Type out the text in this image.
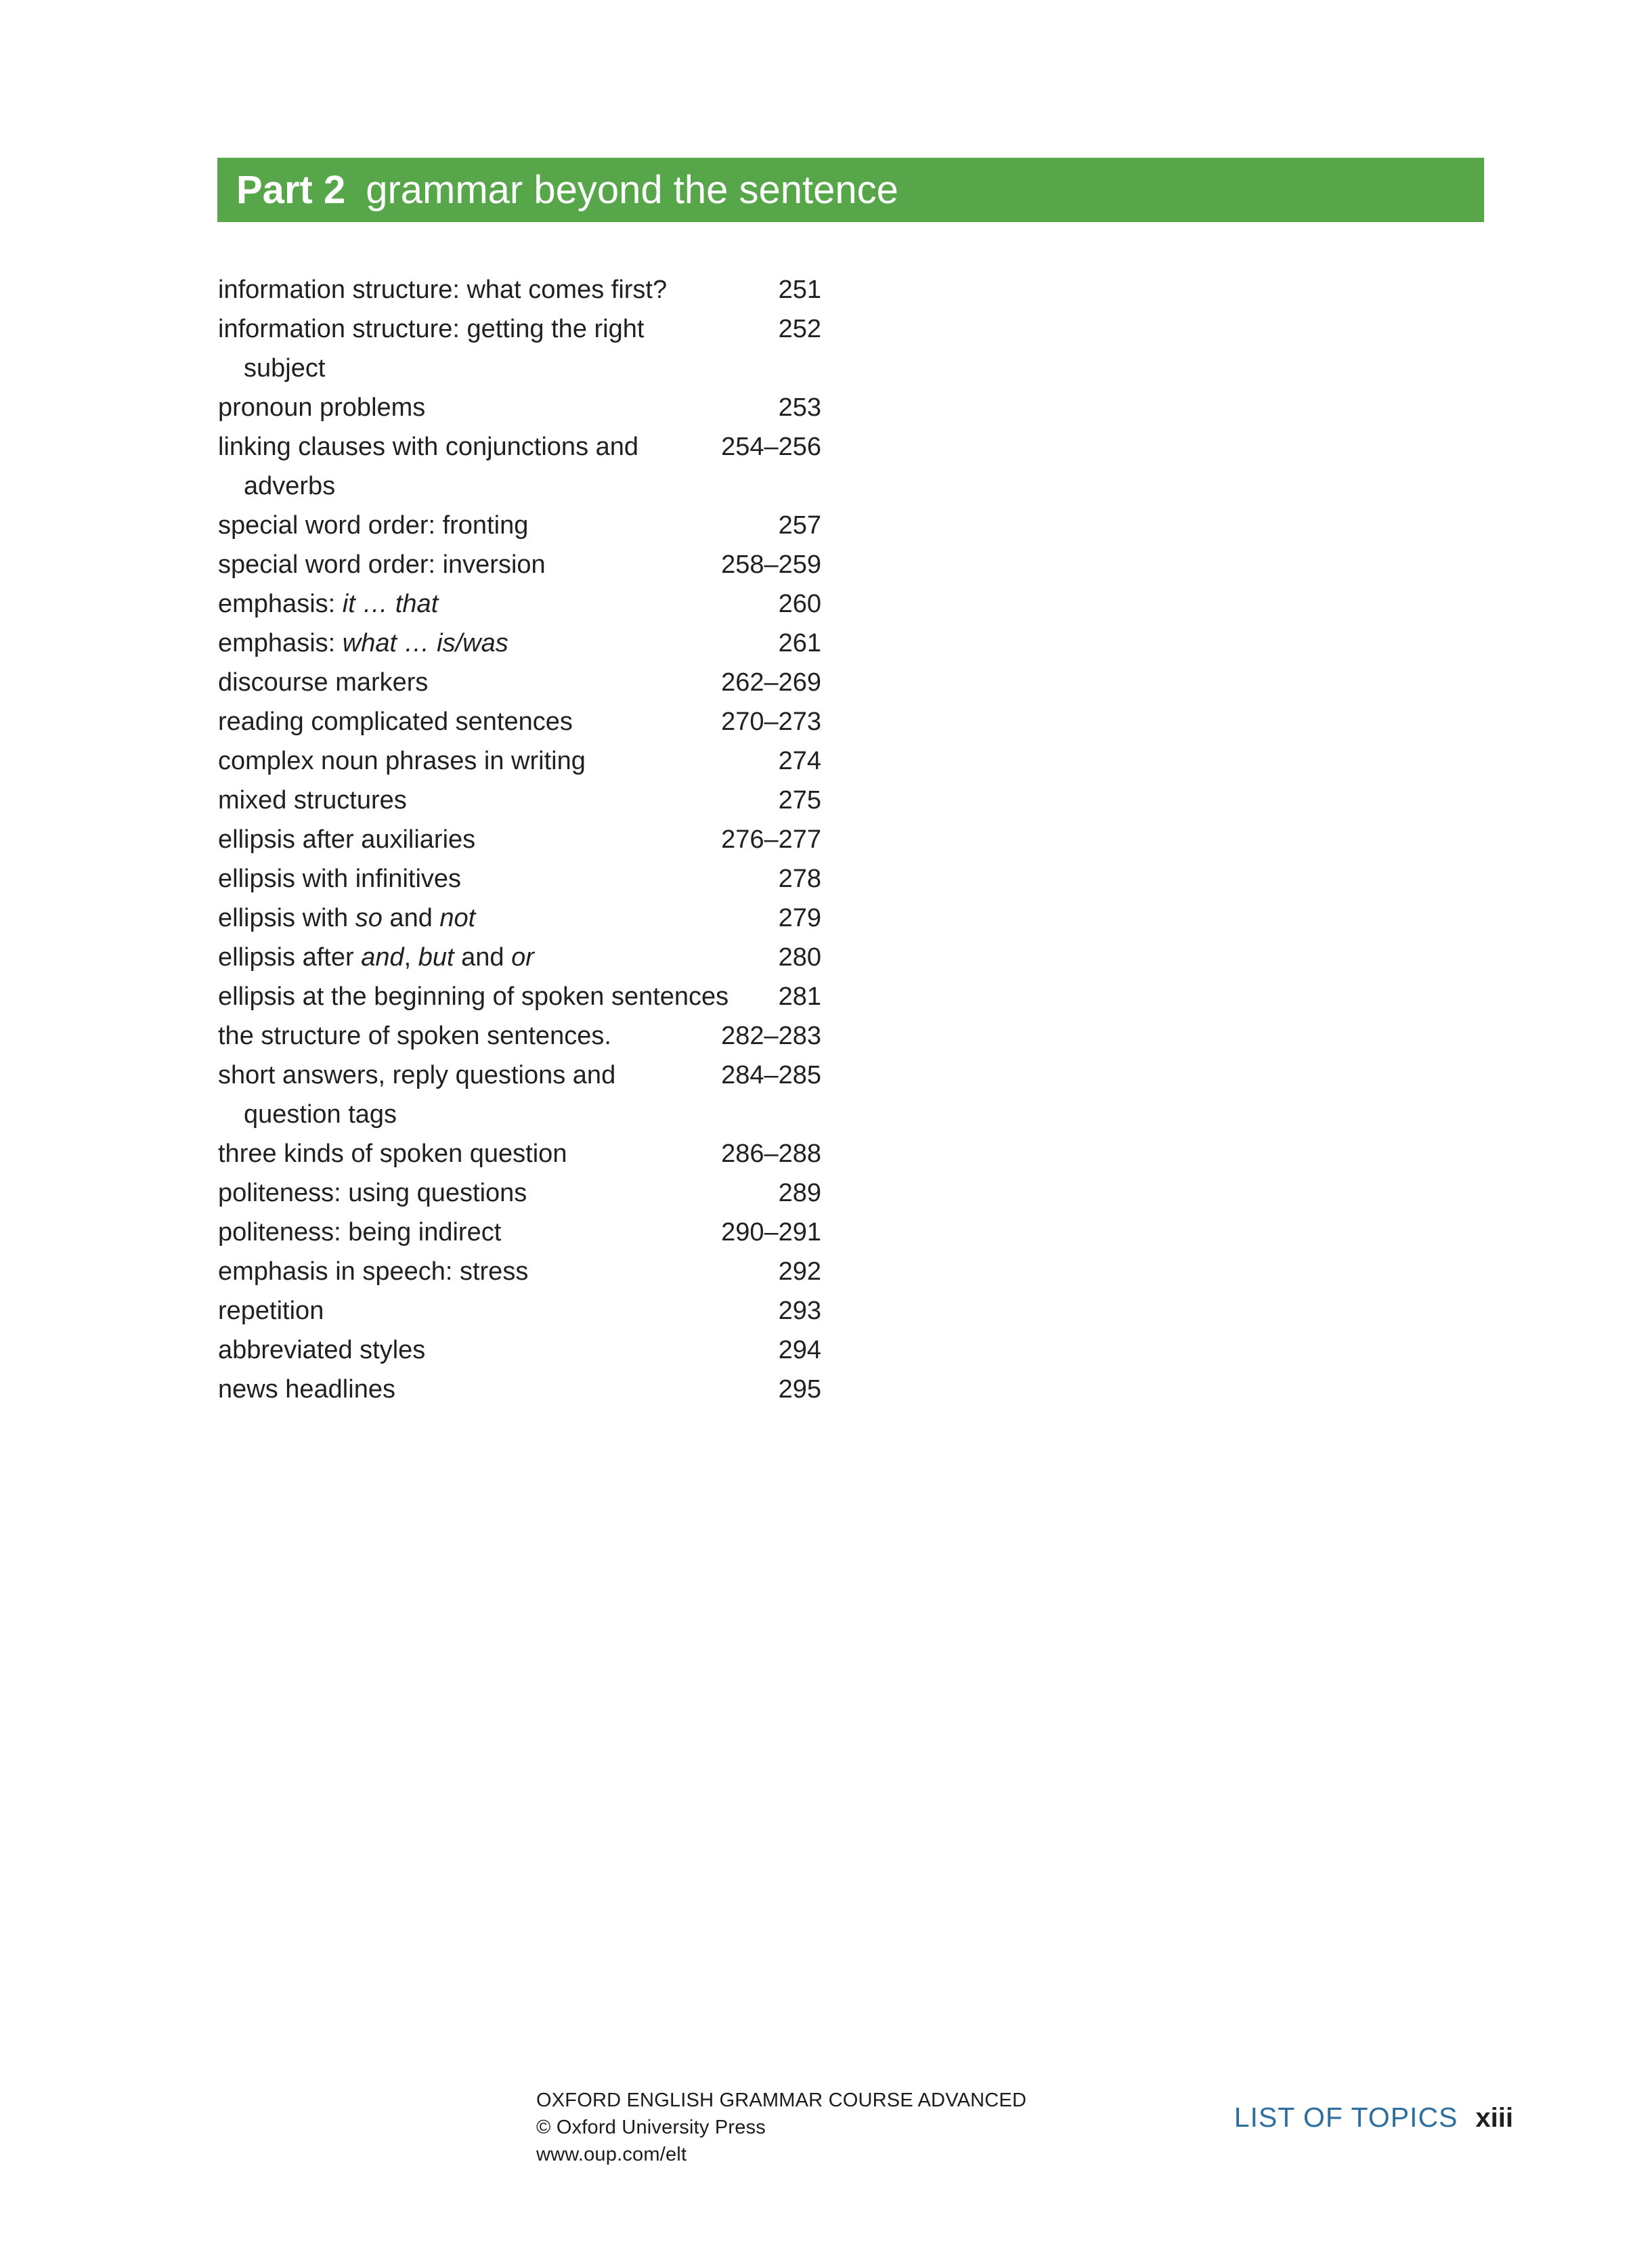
Part 2 grammar beyond the sentence
information structure: what comes first?	251
information structure: getting the right	252
subject
pronoun problems	253
linking clauses with conjunctions and	254–256
adverbs
special word order: fronting	257
special word order: inversion	258–259
emphasis: it … that	260
emphasis: what … is/was	261
discourse markers	262–269
reading complicated sentences	270–273
complex noun phrases in writing	274
mixed structures	275
ellipsis after auxiliaries	276–277
ellipsis with infinitives	278
ellipsis with so and not	279
ellipsis after and, but and or	280
ellipsis at the beginning of spoken sentences	281
the structure of spoken sentences.	282–283
short answers, reply questions and	284–285
question tags
three kinds of spoken question	286–288
politeness: using questions	289
politeness: being indirect	290–291
emphasis in speech: stress	292
repetition	293
abbreviated styles	294
news headlines	295
OXFORD ENGLISH GRAMMAR COURSE ADVANCED
© Oxford University Press
www.oup.com/elt
LIST OF TOPICS xiii
